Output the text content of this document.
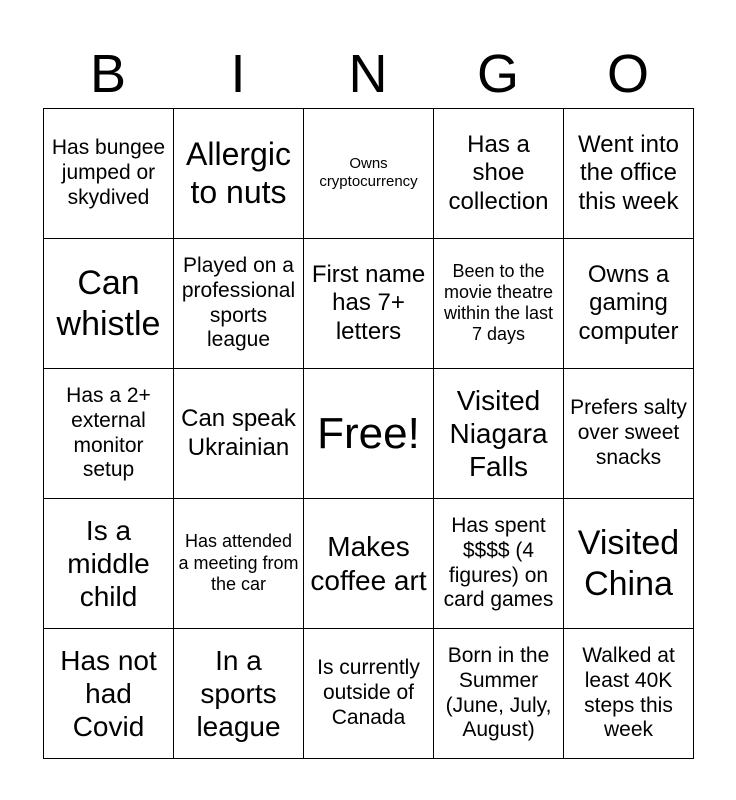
B	I	N	G	O
Has bungee jumped or skydived	Allergic to nuts	Owns cryptocurrency	Has a shoe collection	Went into the office this week
Can whistle	Played on a professional sports league	First name has 7+ letters	Been to the movie theatre within the last 7 days	Owns a gaming computer
Has a 2+ external monitor setup	Can speak Ukrainian	Free!	Visited Niagara Falls	Prefers salty over sweet snacks
Is a middle child	Has attended a meeting from the car	Makes coffee art	Has spent $$$$ (4 figures) on card games	Visited China
Has not had Covid	In a sports league	Is currently outside of Canada	Born in the Summer (June, July, August)	Walked at least 40K steps this week
